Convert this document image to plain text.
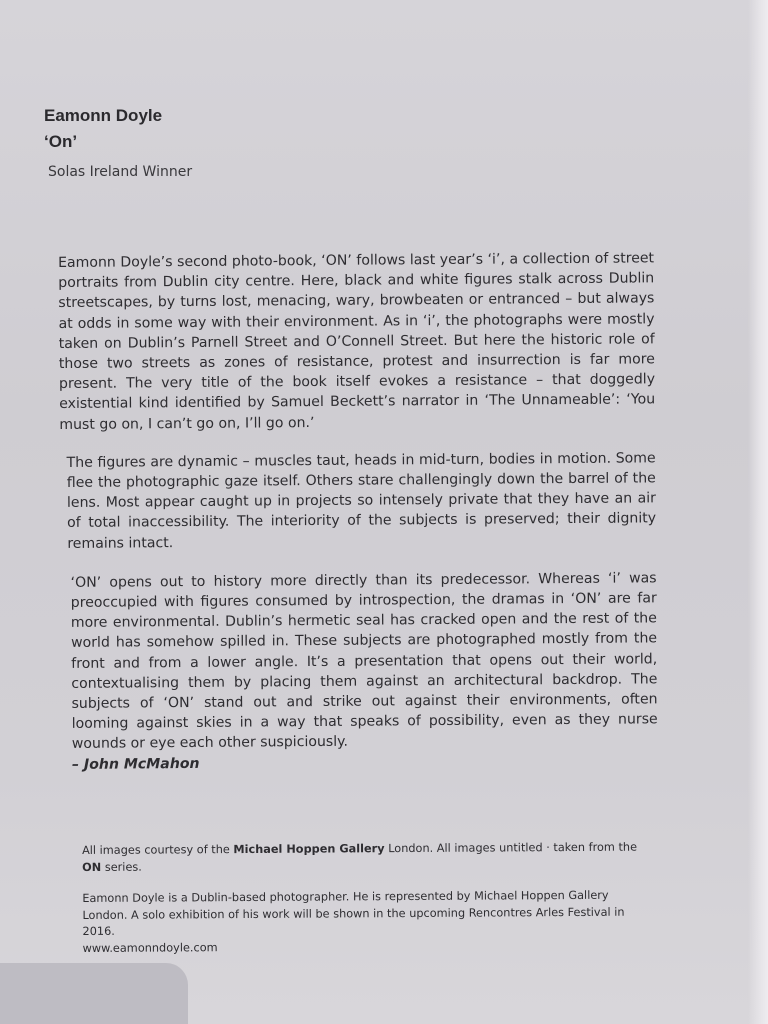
Eamonn Doyle
‘On’

Solas Ireland Winner

Eamonn Doyle’s second photo-book, ‘ON’ follows last year’s ‘i’, a collection of street portraits from Dublin city centre. Here, black and white figures stalk across Dublin streetscapes, by turns lost, menacing, wary, browbeaten or entranced – but always at odds in some way with their environment. As in ‘i’, the photographs were mostly taken on Dublin’s Parnell Street and O’Connell Street. But here the historic role of those two streets as zones of resistance, protest and insurrection is far more present. The very title of the book itself evokes a resistance – that doggedly existential kind identified by Samuel Beckett’s narrator in ‘The Unnameable’: ‘You must go on, I can’t go on, I’ll go on.’

The figures are dynamic – muscles taut, heads in mid-turn, bodies in motion. Some flee the photographic gaze itself. Others stare challengingly down the barrel of the lens. Most appear caught up in projects so intensely private that they have an air of total inaccessibility. The interiority of the subjects is preserved; their dignity remains intact.

‘ON’ opens out to history more directly than its predecessor. Whereas ‘i’ was preoccupied with figures consumed by introspection, the dramas in ‘ON’ are far more environmental. Dublin’s hermetic seal has cracked open and the rest of the world has somehow spilled in. These subjects are photographed mostly from the front and from a lower angle. It’s a presentation that opens out their world, contextualising them by placing them against an architectural backdrop. The subjects of ‘ON’ stand out and strike out against their environments, often looming against skies in a way that speaks of possibility, even as they nurse wounds or eye each other suspiciously.

– John McMahon

All images courtesy of the Michael Hoppen Gallery London. All images untitled · taken from the ON series.

Eamonn Doyle is a Dublin-based photographer. He is represented by Michael Hoppen Gallery London. A solo exhibition of his work will be shown in the upcoming Rencontres Arles Festival in 2016.

www.eamonndoyle.com
